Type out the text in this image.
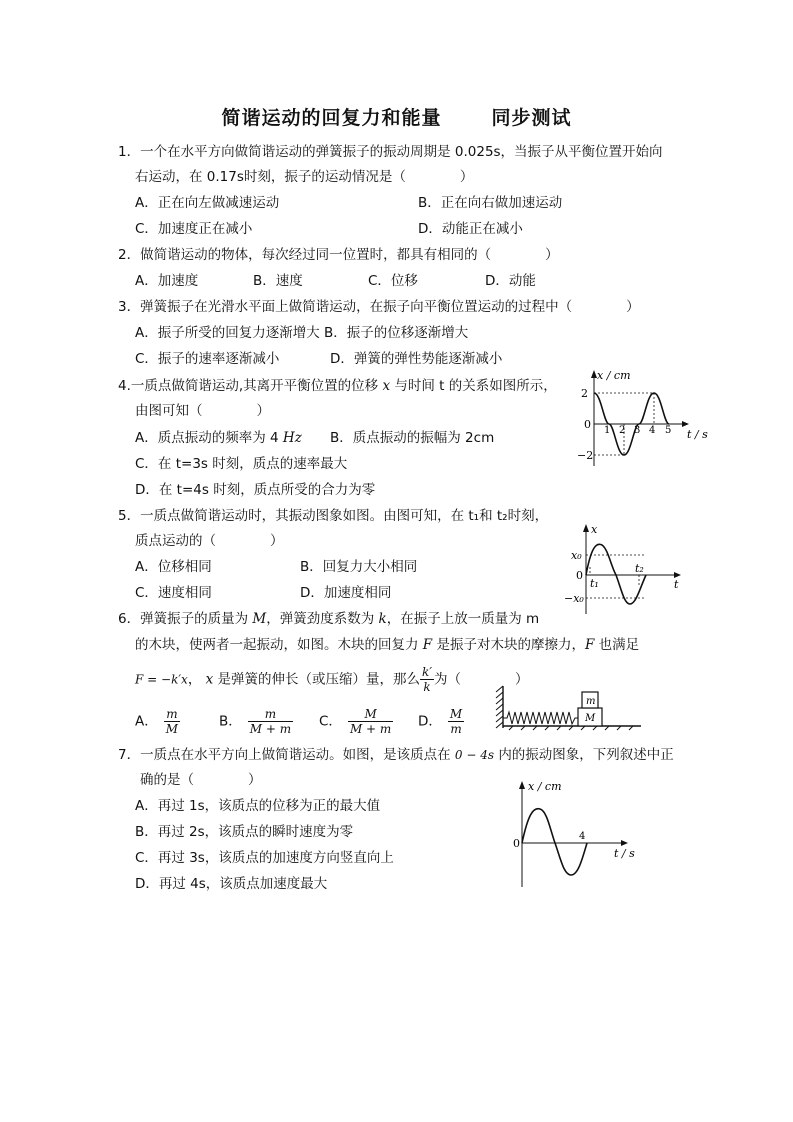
简谐运动的回复力和能量	同步测试
1．一个在水平方向做简谐运动的弹簧振子的振动周期是 0.025s，当振子从平衡位置开始向
右运动，在 0.17s时刻，振子的运动情况是（　　　　）
A．正在向左做减速运动	B．正在向右做加速运动
C．加速度正在减小	D．动能正在减小
2．做简谐运动的物体，每次经过同一位置时，都具有相同的（　　　　）
A．加速度	B．速度	C．位移	D．动能
3．弹簧振子在光滑水平面上做简谐运动，在振子向平衡位置运动的过程中（　　　　）
A．振子所受的回复力逐渐增大 B．振子的位移逐渐增大
C．振子的速率逐渐减小	D．弹簧的弹性势能逐渐减小
4.一质点做简谐运动,其离开平衡位置的位移 x 与时间 t 的关系如图所示，
由图可知（　　　　）
A．质点振动的频率为 4 Hz B．质点振动的振幅为 2cm
C．在 t=3s 时刻，质点的速率最大
D．在 t=4s 时刻，质点所受的合力为零
x / cm
2
−2
0 1 2 3 4 5 t / s
5．一质点做简谐运动时，其振动图象如图。由图可知，在 t₁和 t₂时刻，
质点运动的（　　　　）
A．位移相同	B．回复力大小相同
C．速度相同	D．加速度相同
x
x₀
−x₀
0
t₁
t₂
t
6．弹簧振子的质量为 M，弹簧劲度系数为 k，在振子上放一质量为 m
的木块，使两者一起振动，如图。木块的回复力 F 是振子对木块的摩擦力，F 也满足
F = −k′x， x 是弹簧的伸长（或压缩）量，那么 $\frac{k'}{k}$ 为（　　　　）
A． $\frac{m}{M}$	B． $\frac{m}{M + m}$ C． $\frac{M}{M + m}$ D． $\frac{M}{m}$
m
M
7．一质点在水平方向上做简谐运动。如图，是该质点在 0 − 4s 内的振动图象，下列叙述中正
确的是（　　　　）
A．再过 1s，该质点的位移为正的最大值
B．再过 2s，该质点的瞬时速度为零
C．再过 3s，该质点的加速度方向竖直向上
D．再过 4s，该质点加速度最大
x / cm
0
4
t / s
